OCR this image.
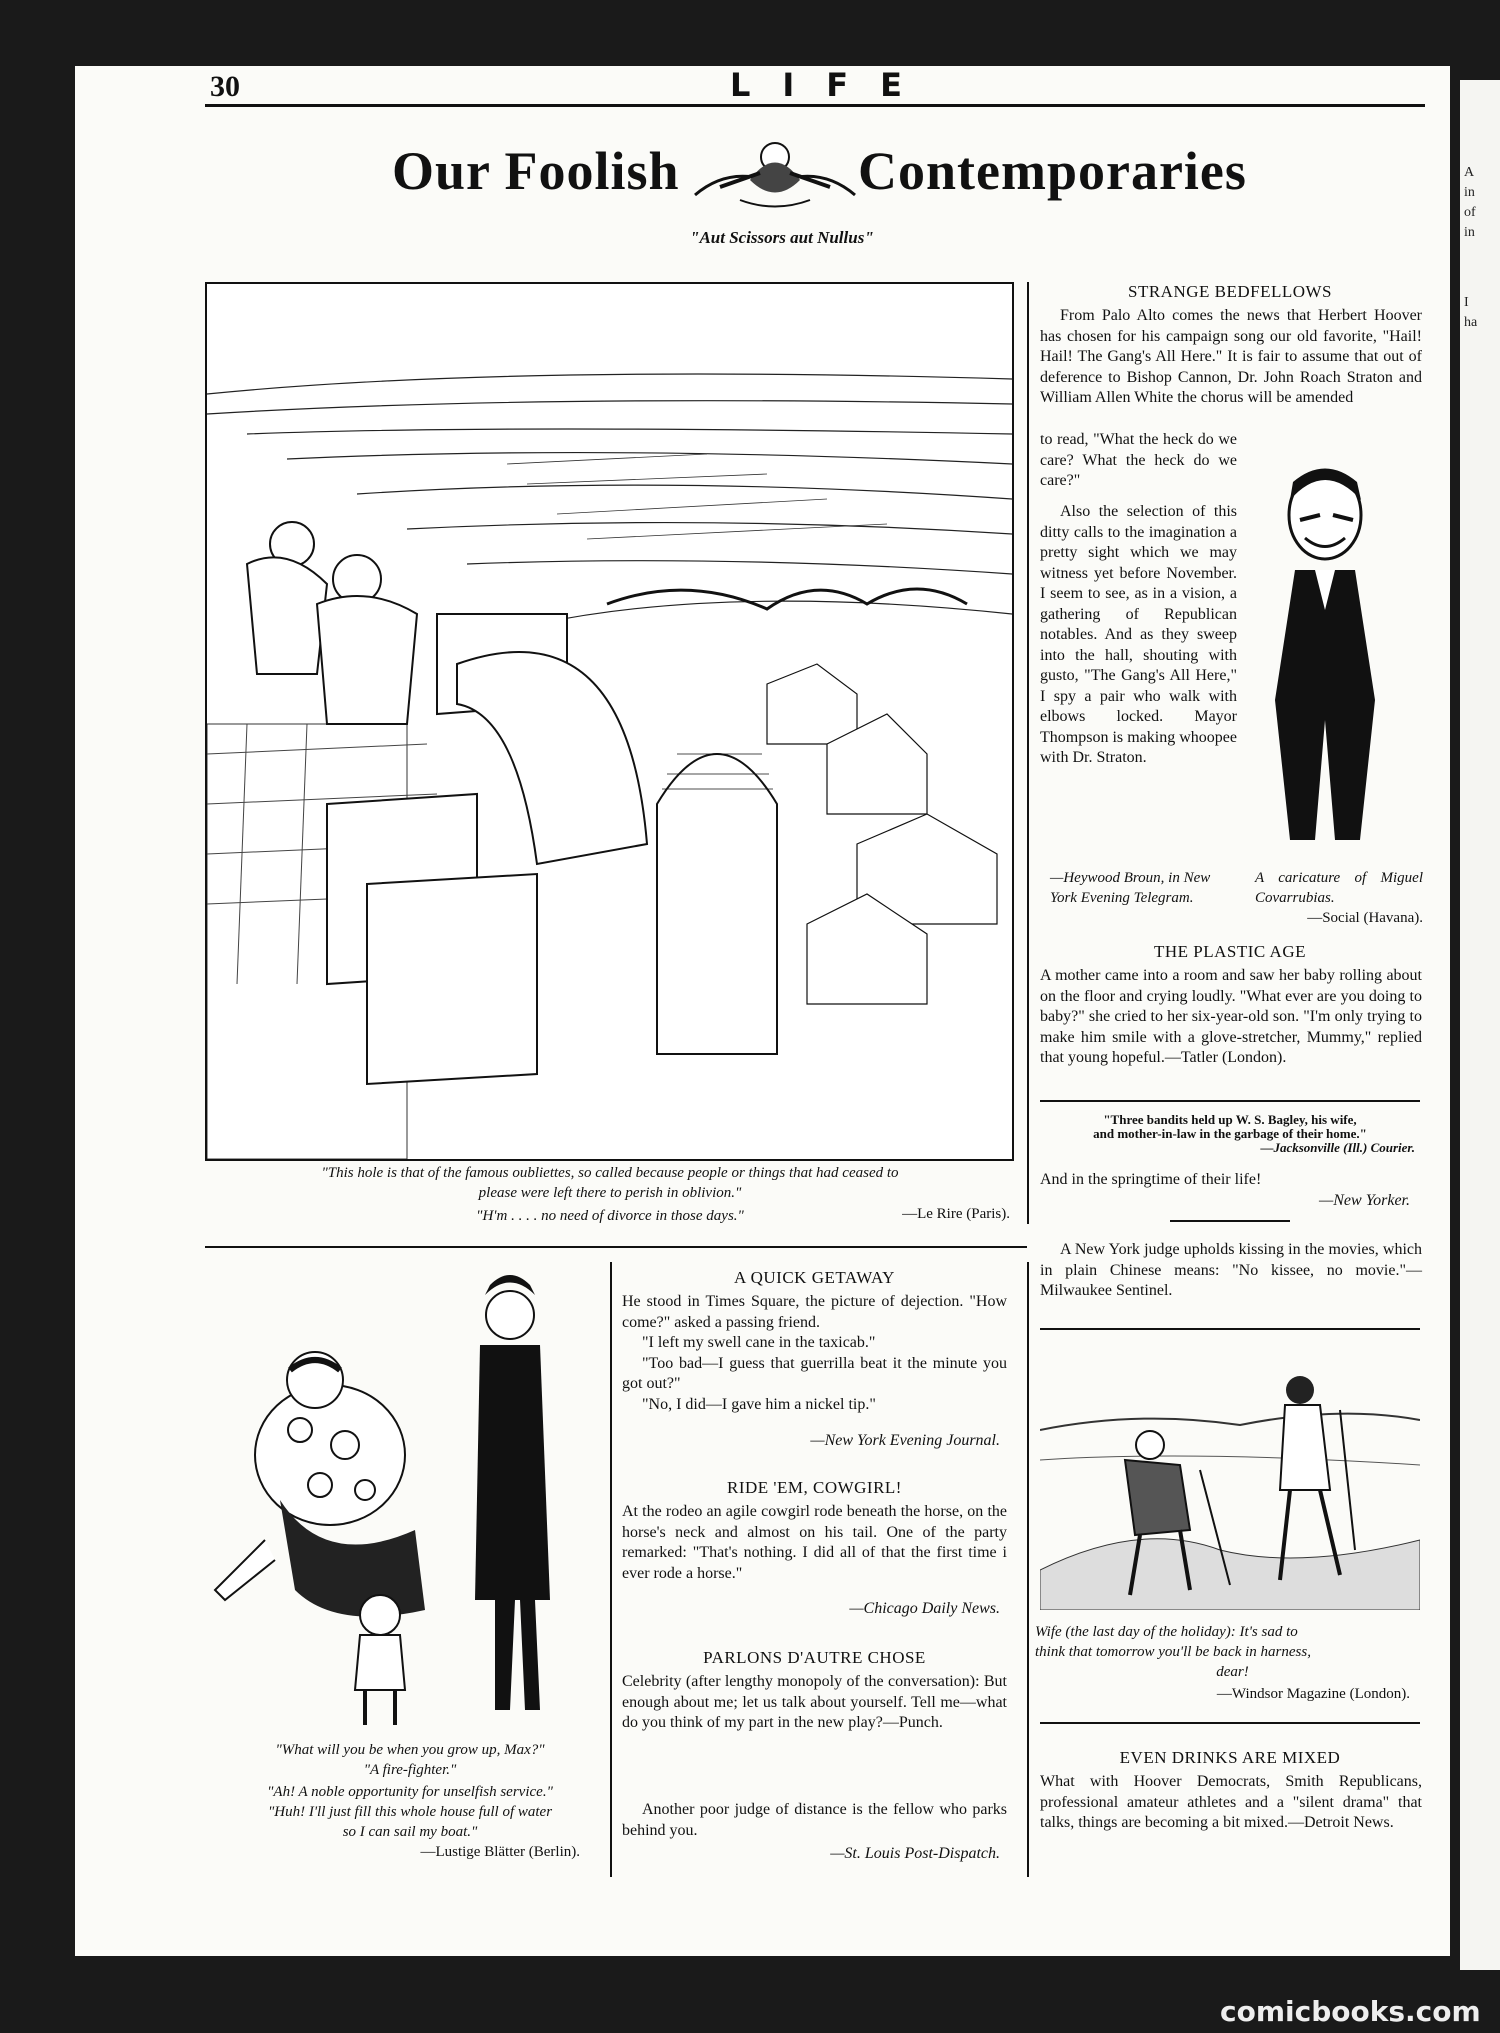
A
in
of
in
I
ha
30	LIFE
Our Foolish	Contemporaries
"Aut Scissors aut Nullus"
"This hole is that of the famous oubliettes, so called because people or things that had ceased to
please were left there to perish in oblivion."
"H'm . . . . no need of divorce in those days."	—Le Rire (Paris).
STRANGE BEDFELLOWS

From Palo Alto comes the news that Herbert Hoover has chosen for his campaign song our old favorite, "Hail! Hail! The Gang's All Here." It is fair to assume that out of deference to Bishop Cannon, Dr. John Roach Straton and William Allen White the chorus will be amended

to read, "What the heck do we care? What the heck do we care?"

Also the selection of this ditty calls to the imagination a pretty sight which we may witness yet before November. I seem to see, as in a vision, a gathering of Republican notables. And as they sweep into the hall, shouting with gusto, "The Gang's All Here," I spy a pair who walk with elbows locked. Mayor Thompson is making whoopee with Dr. Straton.

—Heywood Broun, in New York Evening Telegram.
A caricature of Miguel Covarrubias.
—Social (Havana).
THE PLASTIC AGE

A mother came into a room and saw her baby rolling about on the floor and crying loudly. "What ever are you doing to baby?" she cried to her six-year-old son. "I'm only trying to make him smile with a glove-stretcher, Mummy," replied that young hopeful.—Tatler (London).

"Three bandits held up W. S. Bagley, his wife,
and mother-in-law in the garbage of their home."
—Jacksonville (Ill.) Courier.
And in the springtime of their life!
—New Yorker.

A New York judge upholds kissing in the movies, which in plain Chinese means: "No kissee, no movie."—Milwaukee Sentinel.

"What will you be when you grow up, Max?"
"A fire-fighter."
"Ah! A noble opportunity for unselfish service."
"Huh! I'll just fill this whole house full of water
so I can sail my boat."
—Lustige Blätter (Berlin).
A QUICK GETAWAY

He stood in Times Square, the picture of dejection. "How come?" asked a passing friend.

"I left my swell cane in the taxicab."

"Too bad—I guess that guerrilla beat it the minute you got out?"

"No, I did—I gave him a nickel tip."

—New York Evening Journal.
RIDE 'EM, COWGIRL!

At the rodeo an agile cowgirl rode beneath the horse, on the horse's neck and almost on his tail. One of the party remarked: "That's nothing. I did all of that the first time i ever rode a horse."

—Chicago Daily News.
PARLONS D'AUTRE CHOSE

Celebrity (after lengthy monopoly of the conversation): But enough about me; let us talk about yourself. Tell me—what do you think of my part in the new play?—Punch.

Another poor judge of distance is the fellow who parks behind you.

—St. Louis Post-Dispatch.
Wife (the last day of the holiday): It's sad to
think that tomorrow you'll be back in harness,
dear!
—Windsor Magazine (London).
EVEN DRINKS ARE MIXED

What with Hoover Democrats, Smith Republicans, professional amateur athletes and a "silent drama" that talks, things are becoming a bit mixed.—Detroit News.

comicbooks.com
